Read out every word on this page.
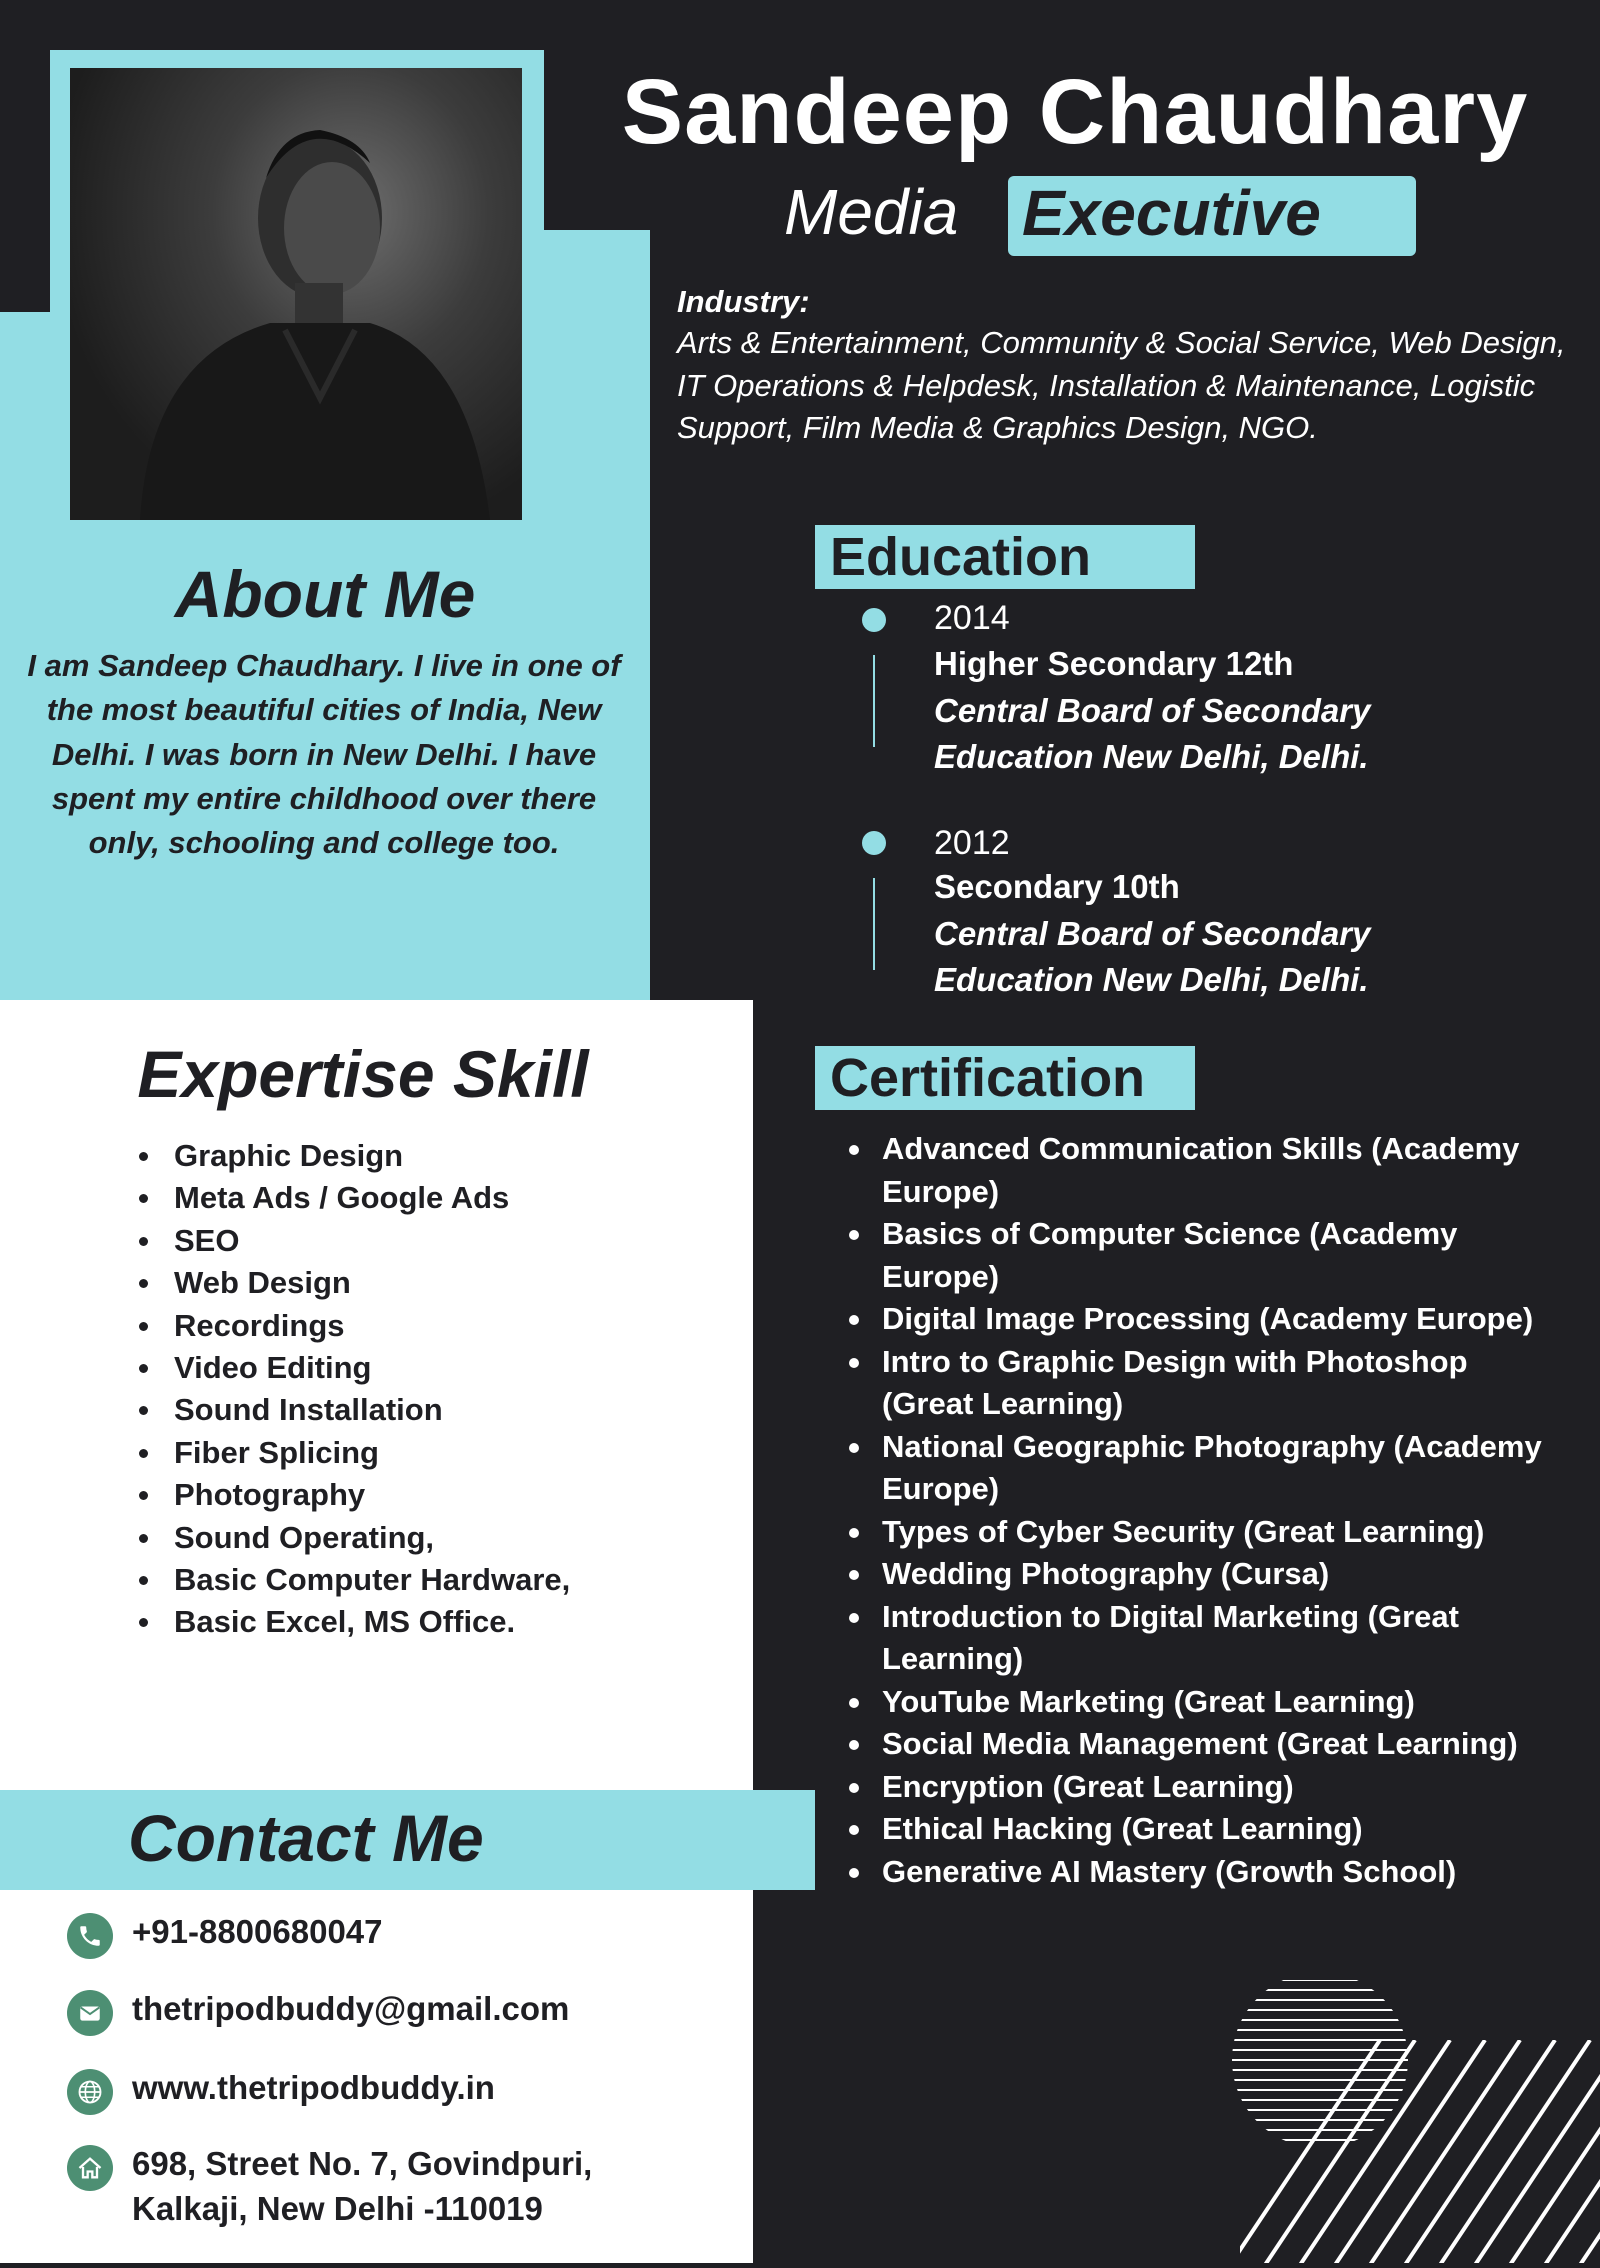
Sandeep Chaudhary
Media Executive
Industry:
Arts & Entertainment, Community & Social Service, Web Design, IT Operations & Helpdesk, Installation & Maintenance, Logistic Support, Film Media & Graphics Design, NGO.
About Me
I am Sandeep Chaudhary. I live in one of the most beautiful cities of India, New Delhi. I was born in New Delhi. I have spent my entire childhood over there only, schooling and college too.
Education
2014
Higher Secondary 12th
Central Board of Secondary Education New Delhi, Delhi.
2012
Secondary 10th
Central Board of Secondary Education New Delhi, Delhi.
Certification
Advanced Communication Skills (Academy Europe)
Basics of Computer Science (Academy Europe)
Digital Image Processing (Academy Europe)
Intro to Graphic Design with Photoshop (Great Learning)
National Geographic Photography (Academy Europe)
Types of Cyber Security (Great Learning)
Wedding Photography (Cursa)
Introduction to Digital Marketing (Great Learning)
YouTube Marketing (Great Learning)
Social Media Management (Great Learning)
Encryption (Great Learning)
Ethical Hacking (Great Learning)
Generative AI Mastery (Growth School)
Expertise Skill
Graphic Design
Meta Ads / Google Ads
SEO
Web Design
Recordings
Video Editing
Sound Installation
Fiber Splicing
Photography
Sound Operating,
Basic Computer Hardware,
Basic Excel, MS Office.
Contact Me
+91-8800680047
thetripodbuddy@gmail.com
www.thetripodbuddy.in
698, Street No. 7, Govindpuri,
Kalkaji, New Delhi -110019
